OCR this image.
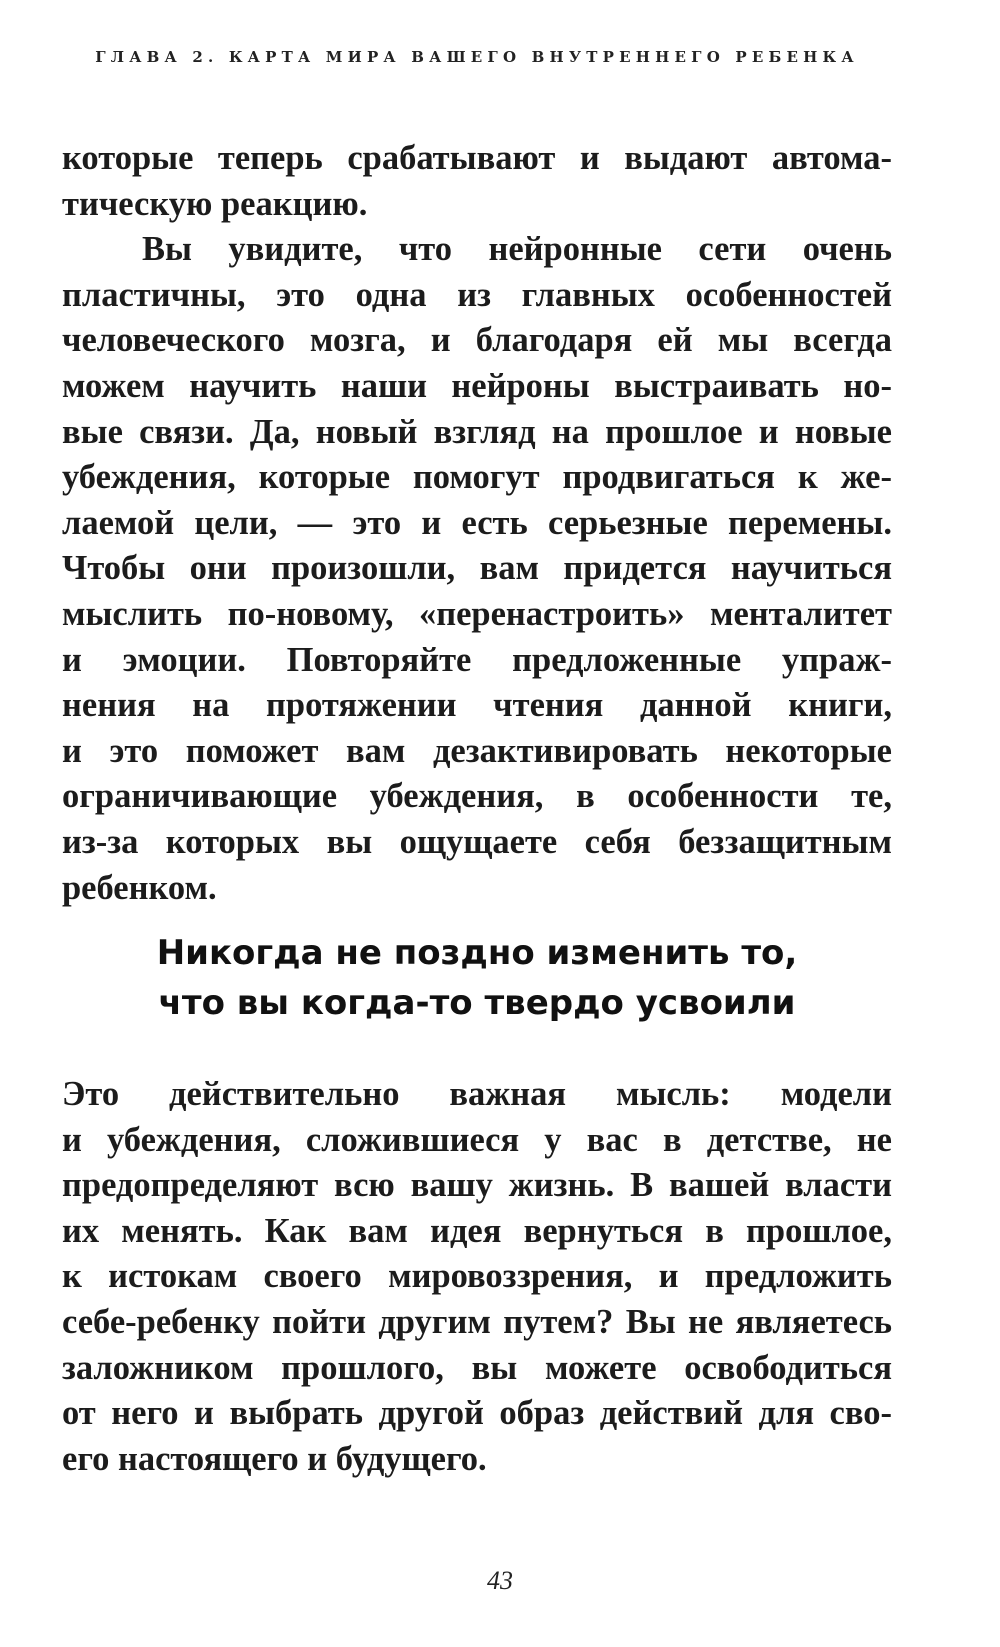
ГЛАВА 2. КАРТА МИРА ВАШЕГО ВНУТРЕННЕГО РЕБЕНКА
которые теперь срабатывают и выдают автома-
тическую реакцию.
Вы увидите, что нейронные сети очень
пластичны, это одна из главных особенностей
человеческого мозга, и благодаря ей мы всегда
можем научить наши нейроны выстраивать но-
вые связи. Да, новый взгляд на прошлое и новые
убеждения, которые помогут продвигаться к же-
лаемой цели, — это и есть серьезные перемены.
Чтобы они произошли, вам придется научиться
мыслить по-новому, «перенастроить» менталитет
и эмоции. Повторяйте предложенные упраж-
нения на протяжении чтения данной книги,
и это поможет вам дезактивировать некоторые
ограничивающие убеждения, в особенности те,
из-за которых вы ощущаете себя беззащитным
ребенком.
Никогда не поздно изменить то,
что вы когда-то твердо усвоили
Это действительно важная мысль: модели
и убеждения, сложившиеся у вас в детстве, не
предопределяют всю вашу жизнь. В вашей власти
их менять. Как вам идея вернуться в прошлое,
к истокам своего мировоззрения, и предложить
себе-ребенку пойти другим путем? Вы не являетесь
заложником прошлого, вы можете освободиться
от него и выбрать другой образ действий для сво-
его настоящего и будущего.
43
